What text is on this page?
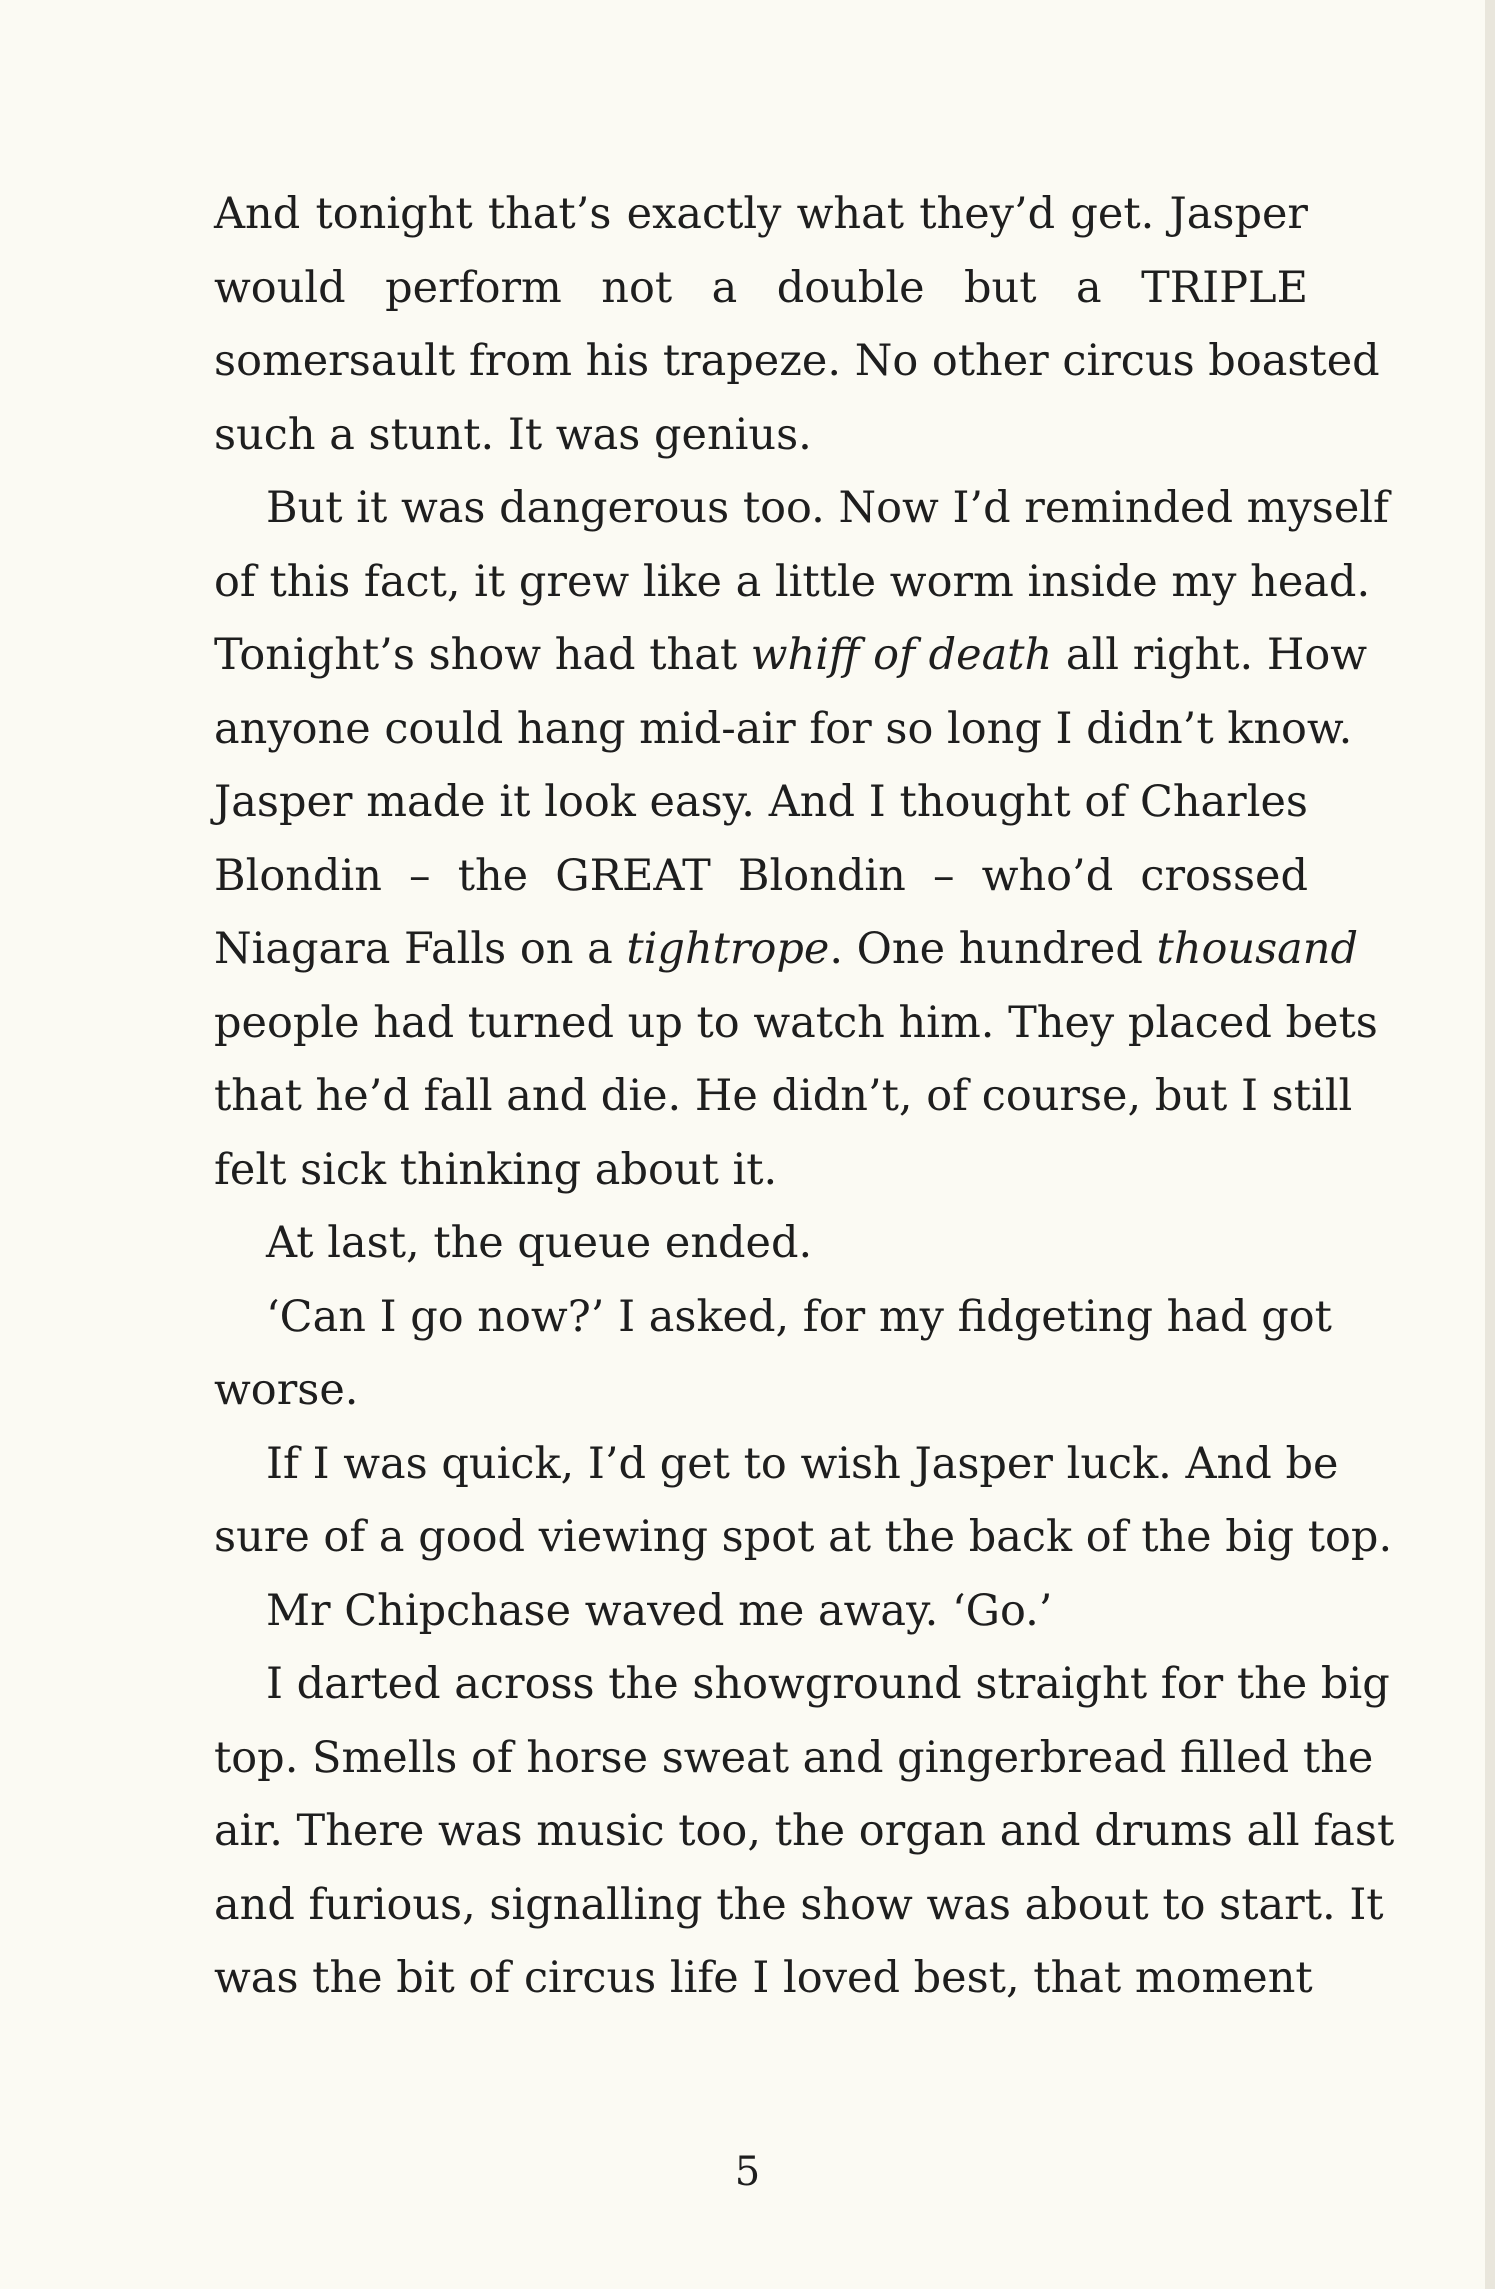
And tonight that’s exactly what they’d get. Jasper
would perform not a double but a TRIPLE
somersault from his trapeze. No other circus boasted
such a stunt. It was genius.

But it was dangerous too. Now I’d reminded myself
of this fact, it grew like a little worm inside my head.
Tonight’s show had that whiff of death all right. How
anyone could hang mid-air for so long I didn’t know.
Jasper made it look easy. And I thought of Charles
Blondin – the GREAT Blondin – who’d crossed
Niagara Falls on a tightrope. One hundred thousand
people had turned up to watch him. They placed bets
that he’d fall and die. He didn’t, of course, but I still
felt sick thinking about it.

At last, the queue ended.

‘Can I go now?’ I asked, for my fidgeting had got
worse.

If I was quick, I’d get to wish Jasper luck. And be
sure of a good viewing spot at the back of the big top.

Mr Chipchase waved me away. ‘Go.’

I darted across the showground straight for the big
top. Smells of horse sweat and gingerbread filled the
air. There was music too, the organ and drums all fast
and furious, signalling the show was about to start. It
was the bit of circus life I loved best, that moment

5
